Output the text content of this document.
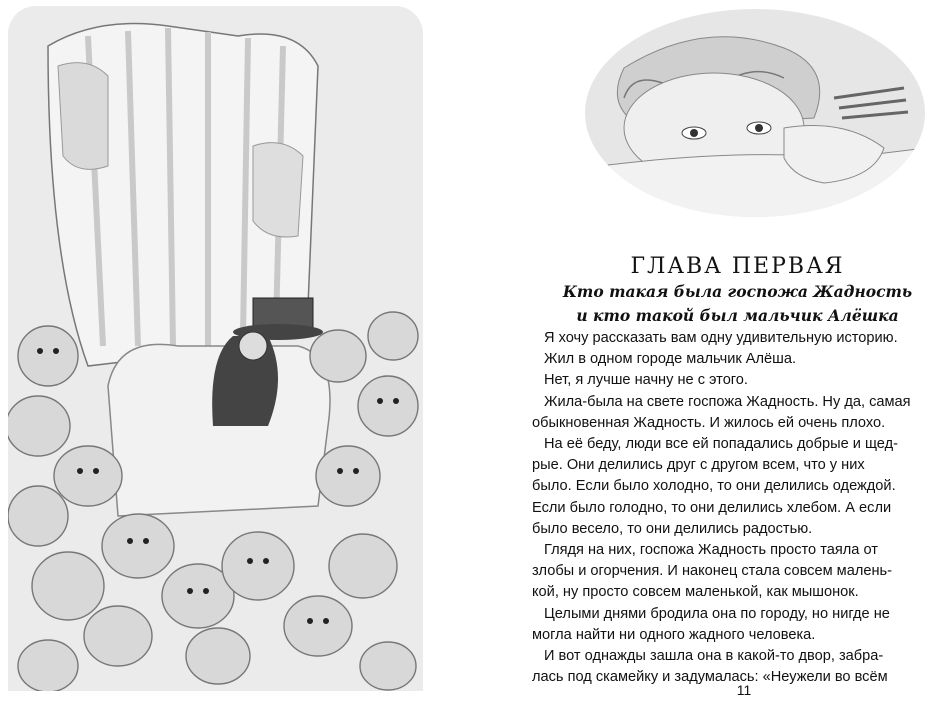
ГЛАВА ПЕРВАЯ
Кто такая была госпожа Жадность
и кто такой был мальчик Алёшка

Я хочу рассказать вам одну удивительную историю.

Жил в одном городе мальчик Алёша.

Нет, я лучше начну не с этого.

Жила-была на свете госпожа Жадность. Ну да, самая

обыкновенная Жадность. И жилось ей очень плохо.

На её беду, люди все ей попадались добрые и щед-

рые. Они делились друг с другом всем, что у них

было. Если было холодно, то они делились одеждой.

Если было голодно, то они делились хлебом. А если

было весело, то они делились радостью.

Глядя на них, госпожа Жадность просто таяла от

злобы и огорчения. И наконец стала совсем малень-

кой, ну просто совсем маленькой, как мышонок.

Целыми днями бродила она по городу, но нигде не

могла найти ни одного жадного человека.

И вот однажды зашла она в какой-то двор, забра-

лась под скамейку и задумалась: «Неужели во всём

11
